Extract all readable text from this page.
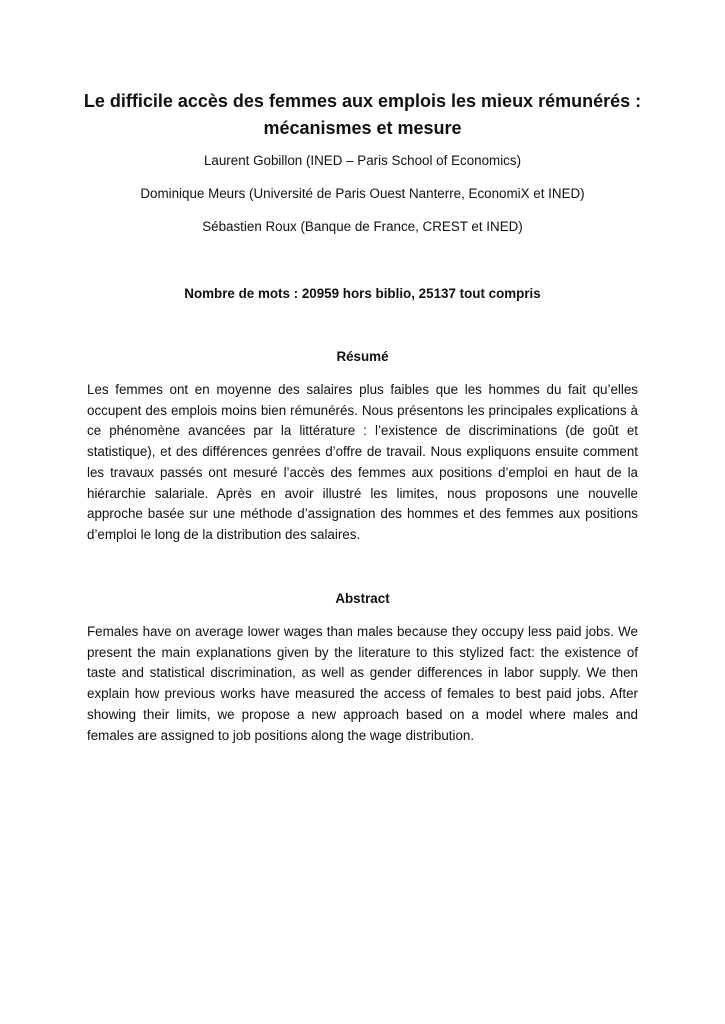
Le difficile accès des femmes aux emplois les mieux rémunérés :
mécanismes et mesure

Laurent Gobillon (INED – Paris School of Economics)

Dominique Meurs (Université de Paris Ouest Nanterre, EconomiX et INED)

Sébastien Roux (Banque de France, CREST et INED)

Nombre de mots : 20959 hors biblio, 25137 tout compris

Résumé

Les femmes ont en moyenne des salaires plus faibles que les hommes du fait qu’elles
occupent des emplois moins bien rémunérés. Nous présentons les principales explications à
ce phénomène avancées par la littérature : l’existence de discriminations (de goût et
statistique), et des différences genrées d’offre de travail. Nous expliquons ensuite comment
les travaux passés ont mesuré l’accès des femmes aux positions d’emploi en haut de la
hiérarchie salariale. Après en avoir illustré les limites, nous proposons une nouvelle
approche basée sur une méthode d’assignation des hommes et des femmes aux positions
d’emploi le long de la distribution des salaires.

Abstract

Females have on average lower wages than males because they occupy less paid jobs. We
present the main explanations given by the literature to this stylized fact: the existence of
taste and statistical discrimination, as well as gender differences in labor supply. We then
explain how previous works have measured the access of females to best paid jobs. After
showing their limits, we propose a new approach based on a model where males and
females are assigned to job positions along the wage distribution.
